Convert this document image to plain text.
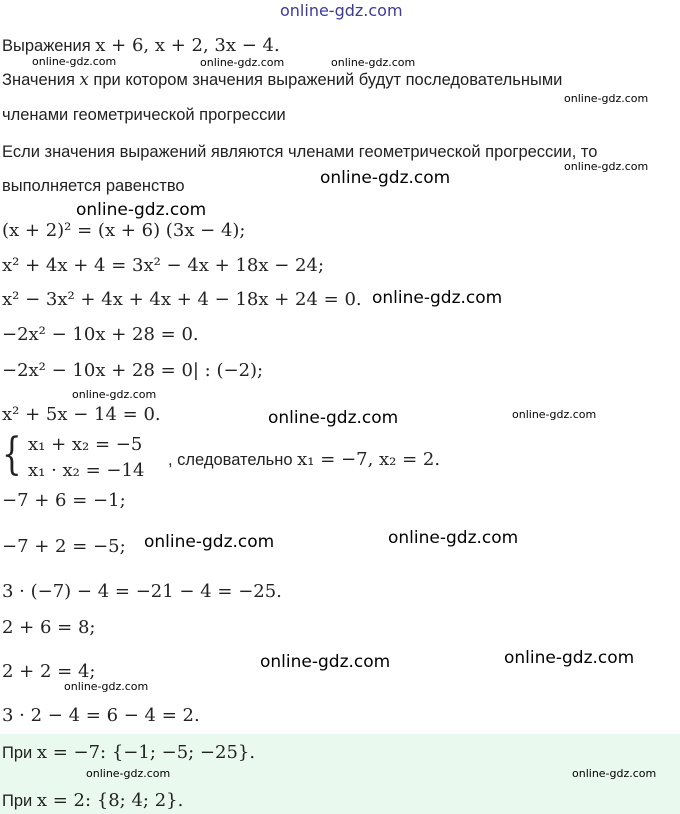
online-gdz.com
Выражения x + 6, x + 2, 3x − 4.
Значения x при котором значения выражений будут последовательными
членами геометрической прогрессии
Если значения выражений являются членами геометрической прогрессии, то
выполняется равенство
(x + 2)² = (x + 6) (3x − 4);
x² + 4x + 4 = 3x² − 4x + 18x − 24;
x² − 3x² + 4x + 4x + 4 − 18x + 24 = 0.
−2x² − 10x + 28 = 0.
−2x² − 10x + 28 = 0| : (−2);
x² + 5x − 14 = 0.
{ x₁ + x₂ = −5
x₁ · x₂ = −14 , следовательно x₁ = −7, x₂ = 2.
−7 + 6 = −1;
−7 + 2 = −5;
3 · (−7) − 4 = −21 − 4 = −25.
2 + 6 = 8;
2 + 2 = 4;
3 · 2 − 4 = 6 − 4 = 2.
При x = −7: {−1; −5; −25}.
При x = 2: {8; 4; 2}.
online-gdz.com	online-gdz.com	online-gdz.com
online-gdz.com
online-gdz.com
online-gdz.com
online-gdz.com
online-gdz.com
online-gdz.com
online-gdz.com	online-gdz.com
online-gdz.com	online-gdz.com
online-gdz.com	online-gdz.com
online-gdz.com
online-gdz.com	online-gdz.com
